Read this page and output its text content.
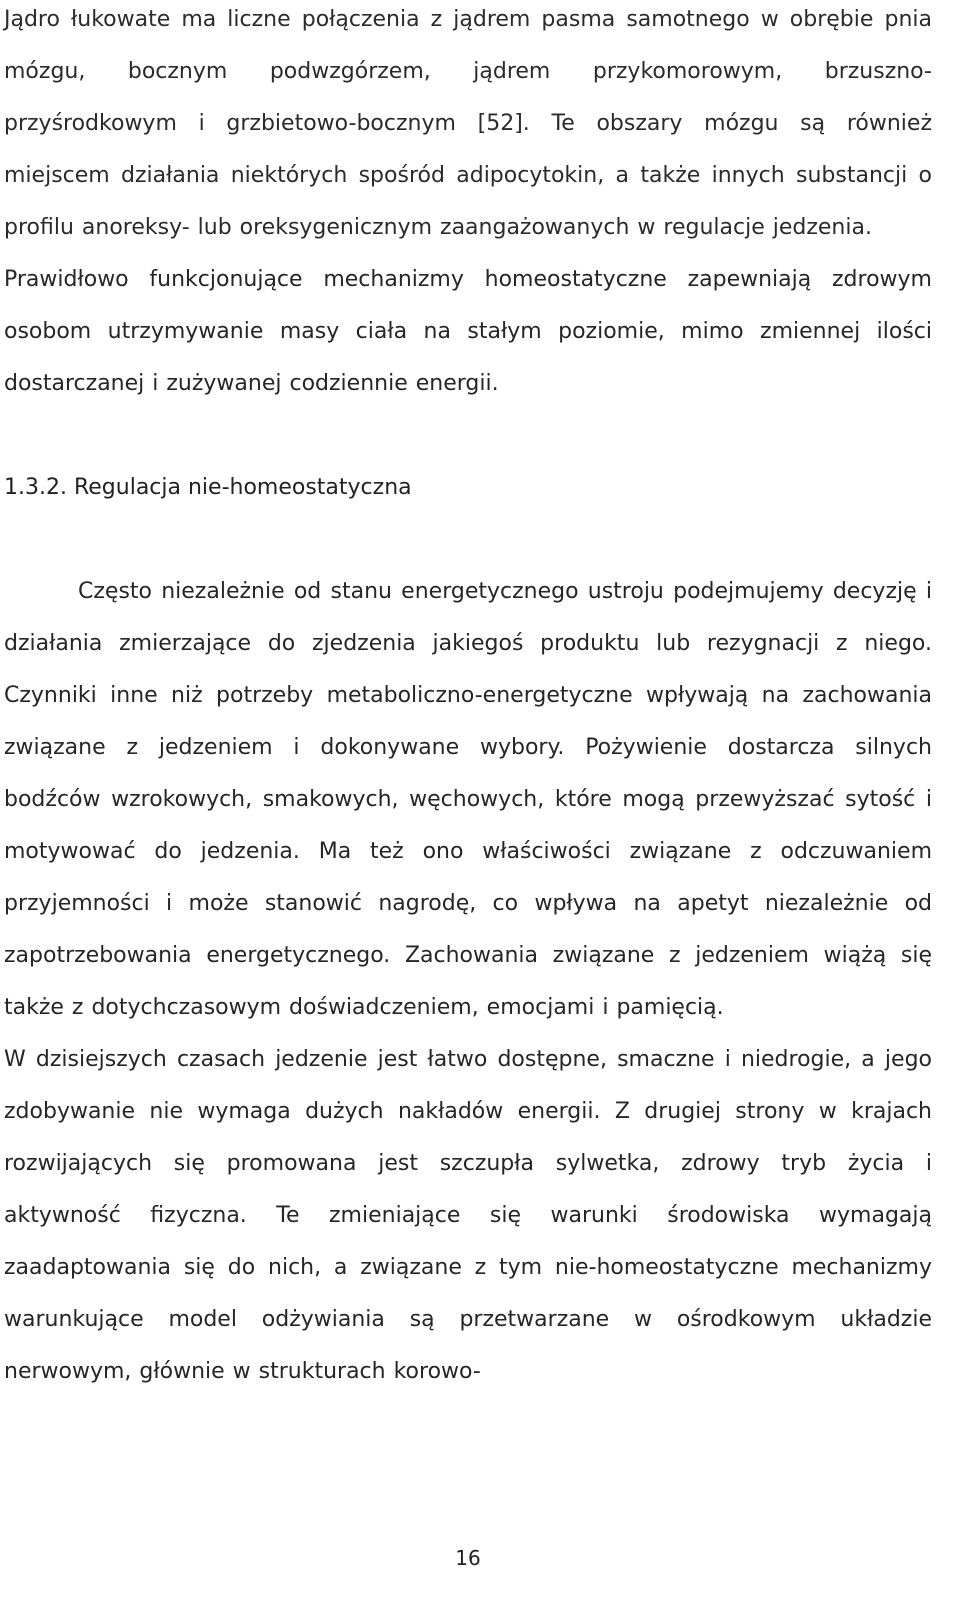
Jądro łukowate ma liczne połączenia z jądrem pasma samotnego w obrębie pnia mózgu, bocznym podwzgórzem, jądrem przykomorowym, brzuszno-przyśrodkowym i grzbietowo-bocznym [52]. Te obszary mózgu są również miejscem działania niektórych spośród adipocytokin, a także innych substancji o profilu anoreksy- lub oreksygenicznym zaangażowanych w regulacje jedzenia.

Prawidłowo funkcjonujące mechanizmy homeostatyczne zapewniają zdrowym osobom utrzymywanie masy ciała na stałym poziomie, mimo zmiennej ilości dostarczanej i zużywanej codziennie energii.

1.3.2. Regulacja nie-homeostatyczna

Często niezależnie od stanu energetycznego ustroju podejmujemy decyzję i działania zmierzające do zjedzenia jakiegoś produktu lub rezygnacji z niego. Czynniki inne niż potrzeby metaboliczno-energetyczne wpływają na zachowania związane z jedzeniem i dokonywane wybory. Pożywienie dostarcza silnych bodźców wzrokowych, smakowych, węchowych, które mogą przewyższać sytość i motywować do jedzenia. Ma też ono właściwości związane z odczuwaniem przyjemności i może stanowić nagrodę, co wpływa na apetyt niezależnie od zapotrzebowania energetycznego. Zachowania związane z jedzeniem wiążą się także z dotychczasowym doświadczeniem, emocjami i pamięcią.

W dzisiejszych czasach jedzenie jest łatwo dostępne, smaczne i niedrogie, a jego zdobywanie nie wymaga dużych nakładów energii. Z drugiej strony w krajach rozwijających się promowana jest szczupła sylwetka, zdrowy tryb życia i aktywność fizyczna. Te zmieniające się warunki środowiska wymagają zaadaptowania się do nich, a związane z tym nie-homeostatyczne mechanizmy warunkujące model odżywiania są przetwarzane w ośrodkowym układzie nerwowym, głównie w strukturach korowo-

16
